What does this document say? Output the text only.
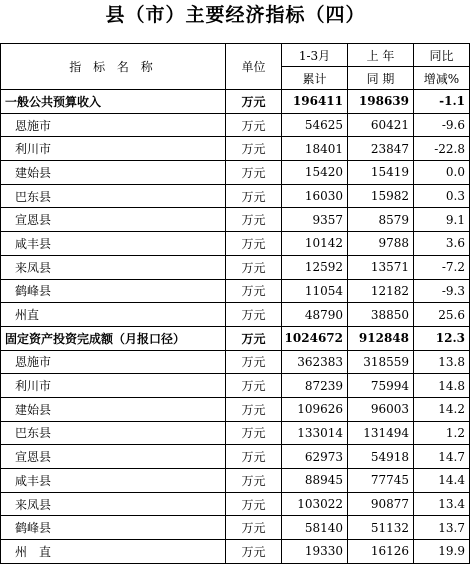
县（市）主要经济指标（四）
指 标 名 称	单位	1-3月	上 年	同比
		累计	同 期	增减%
一般公共预算收入	万元	196411	198639	-1.1
恩施市	万元	54625	60421	-9.6
利川市	万元	18401	23847	-22.8
建始县	万元	15420	15419	0.0
巴东县	万元	16030	15982	0.3
宣恩县	万元	9357	8579	9.1
咸丰县	万元	10142	9788	3.6
来凤县	万元	12592	13571	-7.2
鹤峰县	万元	11054	12182	-9.3
州直	万元	48790	38850	25.6
固定资产投资完成额（月报口径）	万元	1024672	912848	12.3
恩施市	万元	362383	318559	13.8
利川市	万元	87239	75994	14.8
建始县	万元	109626	96003	14.2
巴东县	万元	133014	131494	1.2
宣恩县	万元	62973	54918	14.7
咸丰县	万元	88945	77745	14.4
来凤县	万元	103022	90877	13.4
鹤峰县	万元	58140	51132	13.7
州　直	万元	19330	16126	19.9
